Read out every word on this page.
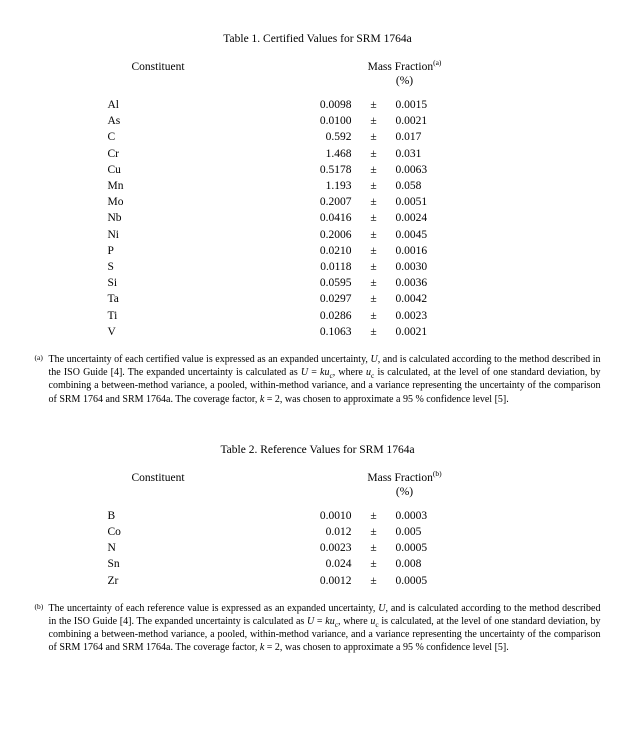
Table 1. Certified Values for SRM 1764a
Constituent	Mass Fraction$^{(a)}$
	(%)		
Al	0.0098	±	0.0015
As	0.0100	±	0.0021
C	0.592	±	0.017
Cr	1.468	±	0.031
Cu	0.5178	±	0.0063
Mn	1.193	±	0.058
Mo	0.2007	±	0.0051
Nb	0.0416	±	0.0024
Ni	0.2006	±	0.0045
P	0.0210	±	0.0016
S	0.0118	±	0.0030
Si	0.0595	±	0.0036
Ta	0.0297	±	0.0042
Ti	0.0286	±	0.0023
V	0.1063	±	0.0021
(a) The uncertainty of each certified value is expressed as an expanded uncertainty, U, and is calculated according to the method described in the ISO Guide [4]. The expanded uncertainty is calculated as $U = ku_c$, where $u_c$ is calculated, at the level of one standard deviation, by combining a between-method variance, a pooled, within-method variance, and a variance representing the uncertainty of the comparison of SRM 1764 and SRM 1764a. The coverage factor, k = 2, was chosen to approximate a 95 % confidence level [5].
Table 2. Reference Values for SRM 1764a
Constituent	Mass Fraction$^{(b)}$
	(%)		
B	0.0010	±	0.0003
Co	0.012	±	0.005
N	0.0023	±	0.0005
Sn	0.024	±	0.008
Zr	0.0012	±	0.0005
(b) The uncertainty of each reference value is expressed as an expanded uncertainty, U, and is calculated according to the method described in the ISO Guide [4]. The expanded uncertainty is calculated as $U = ku_c$, where $u_c$ is calculated, at the level of one standard deviation, by combining a between-method variance, a pooled, within-method variance, and a variance representing the uncertainty of the comparison of SRM 1764 and SRM 1764a. The coverage factor, k = 2, was chosen to approximate a 95 % confidence level [5].
